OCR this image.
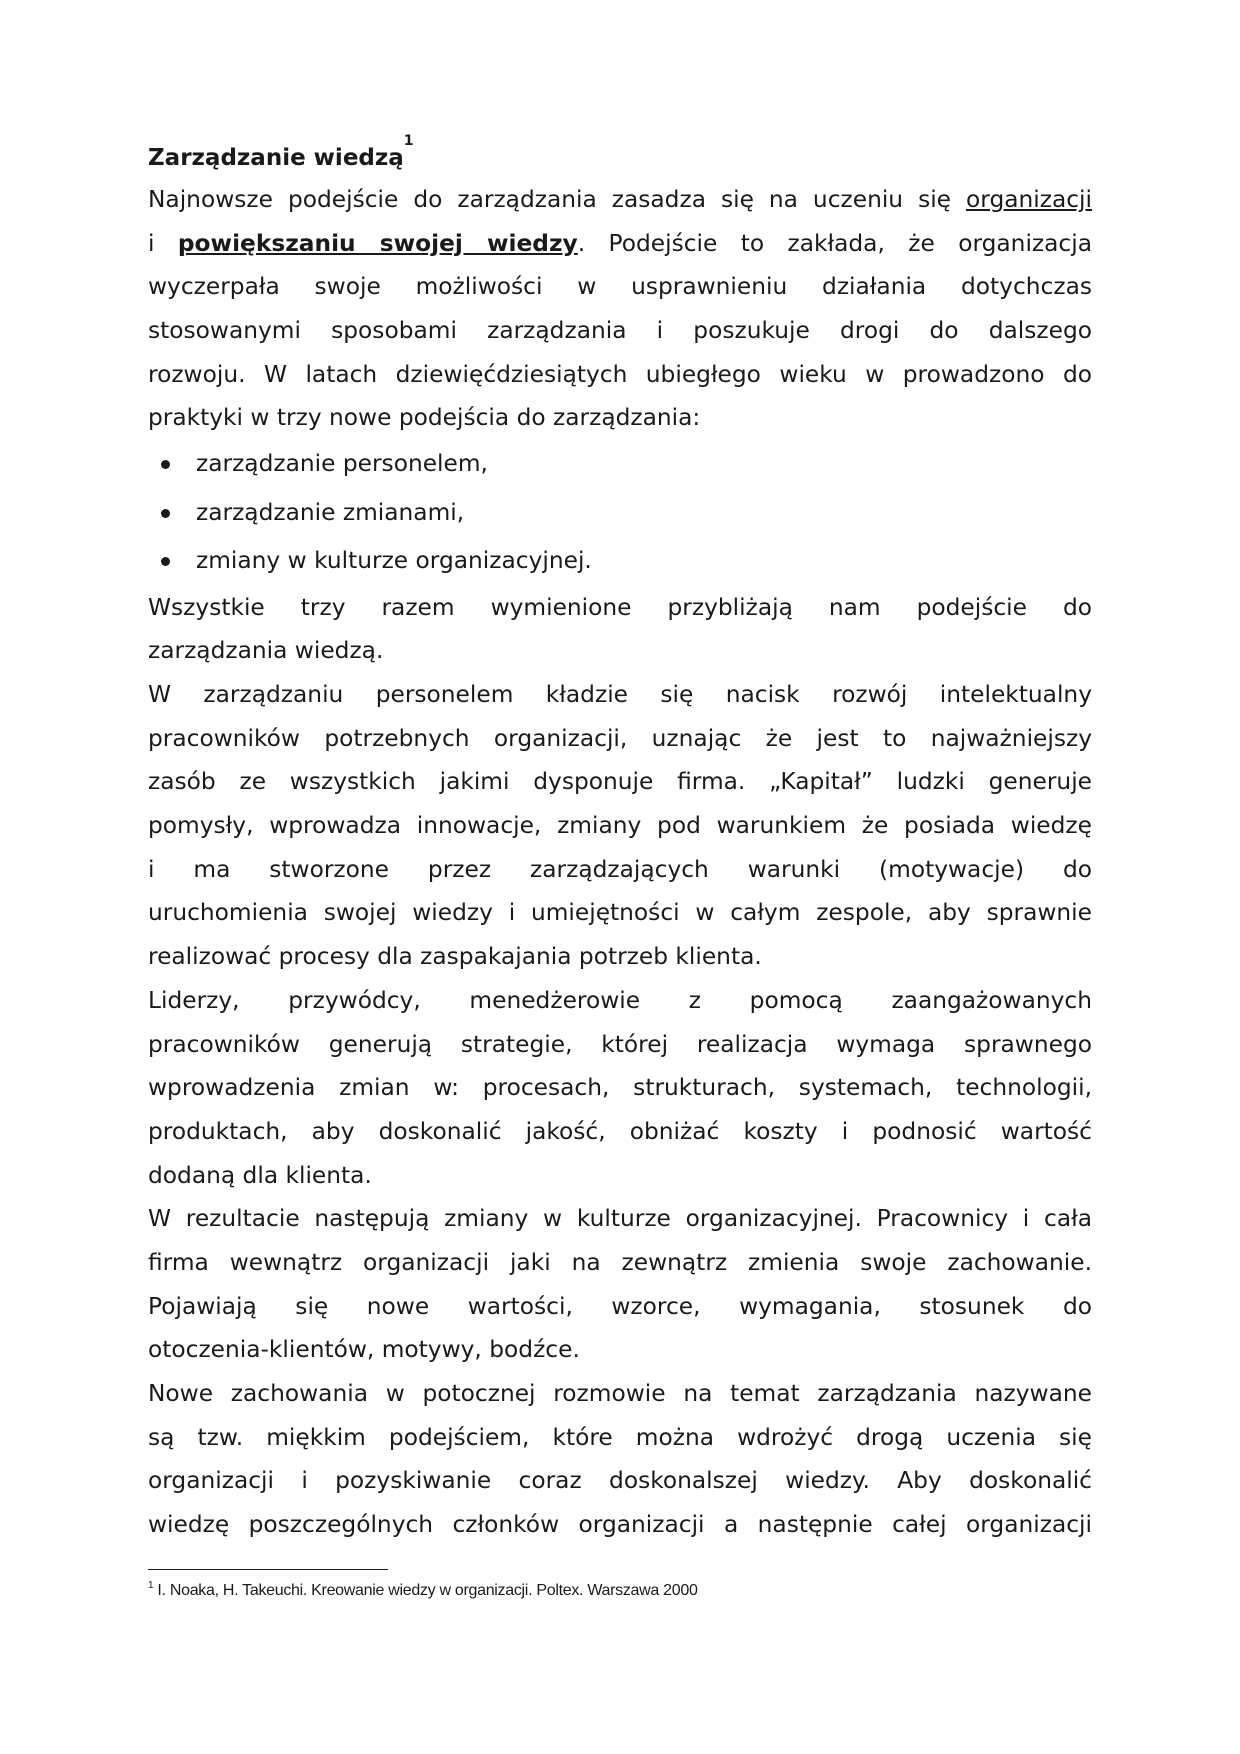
Zarządzanie wiedzą$^1$
Najnowsze podejście do zarządzania zasadza się na uczeniu się organizacji
i powiększaniu swojej wiedzy. Podejście to zakłada, że organizacja
wyczerpała swoje możliwości w usprawnieniu działania dotychczas
stosowanymi sposobami zarządzania i poszukuje drogi do dalszego
rozwoju. W latach dziewięćdziesiątych ubiegłego wieku w prowadzono do
praktyki w trzy nowe podejścia do zarządzania:
zarządzanie personelem,
zarządzanie zmianami,
zmiany w kulturze organizacyjnej.
Wszystkie trzy razem wymienione przybliżają nam podejście do
zarządzania wiedzą.
W zarządzaniu personelem kładzie się nacisk rozwój intelektualny
pracowników potrzebnych organizacji, uznając że jest to najważniejszy
zasób ze wszystkich jakimi dysponuje firma. „Kapitał” ludzki generuje
pomysły, wprowadza innowacje, zmiany pod warunkiem że posiada wiedzę
i ma stworzone przez zarządzających warunki (motywacje) do
uruchomienia swojej wiedzy i umiejętności w całym zespole, aby sprawnie
realizować procesy dla zaspakajania potrzeb klienta.
Liderzy, przywódcy, menedżerowie z pomocą zaangażowanych
pracowników generują strategie, której realizacja wymaga sprawnego
wprowadzenia zmian w: procesach, strukturach, systemach, technologii,
produktach, aby doskonalić jakość, obniżać koszty i podnosić wartość
dodaną dla klienta.
W rezultacie następują zmiany w kulturze organizacyjnej. Pracownicy i cała
firma wewnątrz organizacji jaki na zewnątrz zmienia swoje zachowanie.
Pojawiają się nowe wartości, wzorce, wymagania, stosunek do
otoczenia-klientów, motywy, bodźce.
Nowe zachowania w potocznej rozmowie na temat zarządzania nazywane
są tzw. miękkim podejściem, które można wdrożyć drogą uczenia się
organizacji i pozyskiwanie coraz doskonalszej wiedzy. Aby doskonalić
wiedzę poszczególnych członków organizacji a następnie całej organizacji
$^1$ I. Noaka, H. Takeuchi. Kreowanie wiedzy w organizacji. Poltex. Warszawa 2000
